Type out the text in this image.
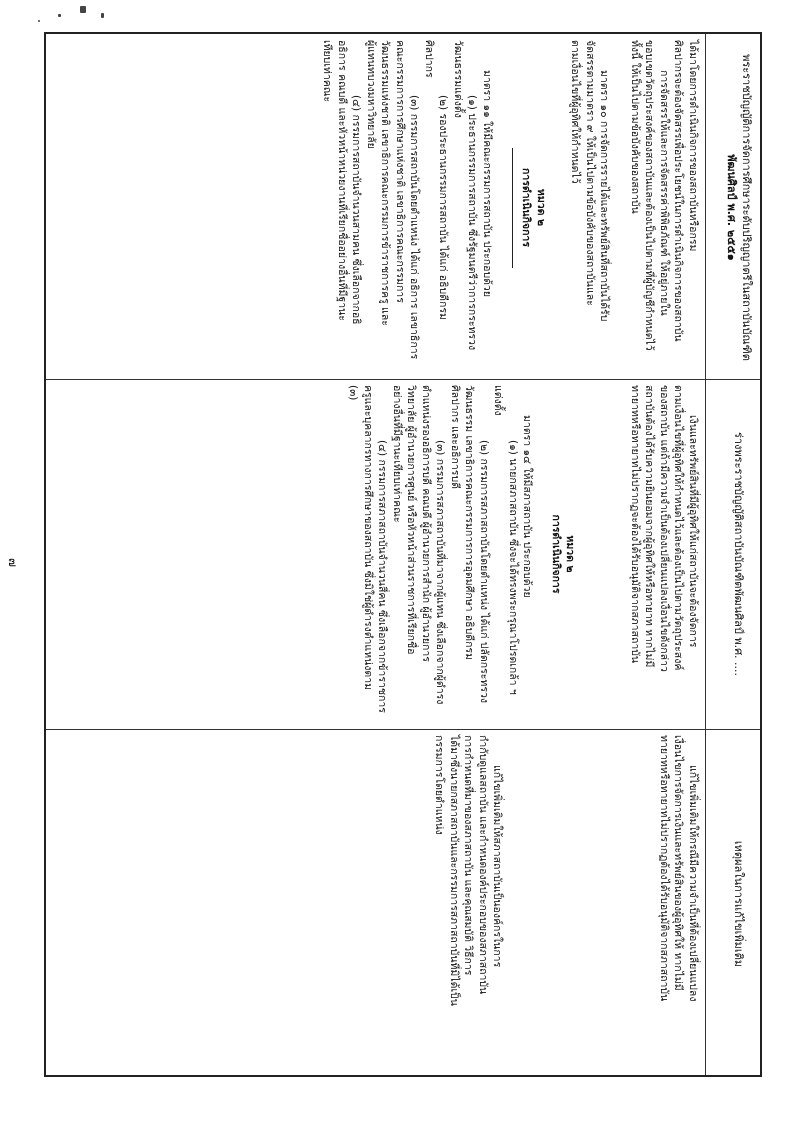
๗
พระราชบัญญัติการจัดการศึกษาระดับปริญญาตรีในสถาบันบัณฑิต
พัฒนศิลป์ พ.ศ. ๒๕๕๑
ร่างพระราชบัญญัติสถาบันบัณฑิตพัฒนศิลป์ พ.ศ. ....
เหตุผลในการแก้ไขเพิ่มเติม
ได้มาโดยการดำเนินกิจการของสถาบันหรือกรม
ศิลปากรจะต้องจัดสรรเพื่อประโยชน์ในการดำเนินกิจการของสถาบัน
การจัดสรรให้และการจัดสรรค่าพิพิธภัณฑ์ ให้อยู่ภายใน
ขอบเขตวัตถุประสงค์ของสถาบันและต้องเป็นไปตามที่ผู้บัญชีกำหนดไว้
ทั้งนี้ ให้เป็นไปตามข้อบังคับของสถาบัน
มาตรา ๑๐ การจัดการรายได้และทรัพย์สินที่สถาบันได้รับ
จัดสรรตามมาตรา ๙ ให้เป็นไปตามข้อบังคับของสถาบันและ
ตามเงื่อนไขที่ผู้อุทิศให้กำหนดไว้
หมวด ๒
การดำเนินกิจการ
มาตรา ๑๑ ให้มีคณะกรรมการสถาบัน ประกอบด้วย
(๑) ประธานกรรมการสถาบัน ซึ่งรัฐมนตรีว่าการกระทรวง
วัฒนธรรมแต่งตั้ง
(๒) รองประธานกรรมการสถาบัน ได้แก่ อธิบดีกรม
ศิลปากร
(๓) กรรมการสถาบันโดยตำแหน่ง ได้แก่ อธิการ เลขาธิการ
คณะกรรมการการศึกษาแห่งชาติ เลขาธิการคณะกรรมการ
วัฒนธรรมแห่งชาติ เลขาธิการคณะกรรมการข้าราชการครู และ
ผู้แทนทบวงมหาวิทยาลัย
(๔) กรรมการสถาบันจำนวนสามคน ซึ่งเลือกจากอธิ
อธิการ คณบดี และหัวหน้าหน่วยงานที่เรียกชื่ออย่างอื่นที่มีฐานะ
เทียบเท่าคณะ
เงินและทรัพย์สินที่มีผู้อุทิศให้แก่สถาบันจะต้องจัดการ
ตามเงื่อนไขที่ผู้อุทิศให้กำหนดไว้และต้องเป็นไปตามวัตถุประสงค์
ของสถาบัน แต่ถ้ามีความจำเป็นต้องเปลี่ยนแปลงเงื่อนไขดังกล่าว
สถาบันต้องได้รับความยินยอมจากผู้อุทิศให้หรือทายาท หากไม่มี
ทายาทหรือทายาทไม่ปรากฏจะต้องได้รับอนุมัติจากสภาสถาบัน
หมวด ๒
การดำเนินกิจการ
มาตรา ๑๔ ให้มีสภาสถาบัน ประกอบด้วย
(๑) นายกสภาสถาบัน ซึ่งจะได้ทรงพระกรุณาโปรดเกล้า ฯ
แต่งตั้ง
(๒) กรรมการสภาสถาบันโดยตำแหน่ง ได้แก่ ปลัดกระทรวง
วัฒนธรรม เลขาธิการคณะกรรมการการอุดมศึกษา อธิบดีกรม
ศิลปากร และอธิการบดี
(๓) กรรมการสภาสถาบันที่มาจากผู้แทน ซึ่งเลือกจากผู้ดำรง
ตำแหน่งรองอธิการบดี คณบดี ผู้อำนวยการสำนัก ผู้อำนวยการ
วิทยาลัย ผู้อำนวยการศูนย์ หรือหัวหน้าส่วนราชการที่เรียกชื่อ
อย่างอื่นที่มีฐานะเทียบเท่าคณะ
(๔) กรรมการสภาสถาบันจำนวนสี่คน ซึ่งเลือกจากข้าราชการ
ครูและบุคลากรทางการศึกษาของสถาบัน ซึ่งมิใช่ผู้ดำรงตำแหน่งตาม
(๓)
แก้ไขเพิ่มเติมให้กรณีมีความจำเป็นที่ต้องเปลี่ยนแปลง
เงื่อนไขการจัดการเงินและทรัพย์สินของผู้อุทิศให้ หากไม่มี
ทายาทหรือทายาทไม่ปรากฏต้องได้รับอนุมัติจากสภาสถาบัน
แก้ไขเพิ่มเติมให้สภาสถาบันเป็นองค์กรในการ
กำกับดูแลสถาบัน และกำหนดองค์ประกอบของสภาสถาบัน
การกำหนดที่มาของสภาสถาบัน และคุณสมบัติ วิธีการ
ได้มาซึ่งนายกสภาสถาบันและกรรมการสภาสถาบันที่มิได้เป็น
กรรมการโดยตำแหน่ง
